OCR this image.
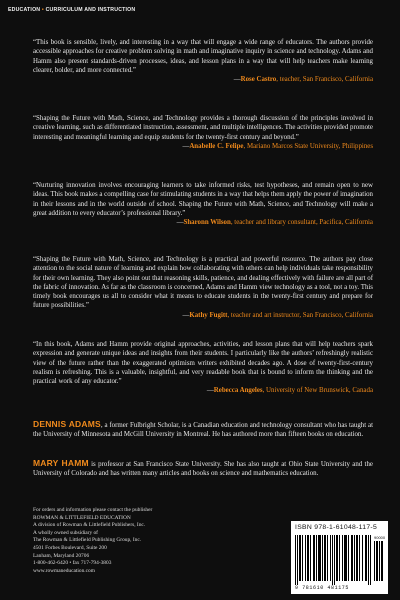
EDUCATION • CURRICULUM AND INSTRUCTION

“This book is sensible, lively, and interesting in a way that will engage a wide range of educators. The authors provide accessible approaches for creative problem solving in math and imaginative inquiry in science and technology. Adams and Hamm also present standards-driven processes, ideas, and lesson plans in a way that will help teachers make learning clearer, bolder, and more connected.”

—Rose Castro, teacher, San Francisco, California

“Shaping the Future with Math, Science, and Technology provides a thorough discussion of the principles involved in creative learning, such as differentiated instruction, assessment, and multiple intelligences. The activities provided promote interesting and meaningful learning and equip students for the twenty-first century and beyond.”

—Anabelle C. Felipe, Mariano Marcos State University, Philippines

“Nurturing innovation involves encouraging learners to take informed risks, test hypotheses, and remain open to new ideas. This book makes a compelling case for stimulating students in a way that helps them apply the power of imagination in their lessons and in the world outside of school. Shaping the Future with Math, Science, and Technology will make a great addition to every educator’s professional library.”

—Sharonn Wilson, teacher and library consultant, Pacifica, California

“Shaping the Future with Math, Science, and Technology is a practical and powerful resource. The authors pay close attention to the social nature of learning and explain how collaborating with others can help individuals take responsibility for their own learning. They also point out that reasoning skills, patience, and dealing effectively with failure are all part of the fabric of innovation. As far as the classroom is concerned, Adams and Hamm view technology as a tool, not a toy. This timely book encourages us all to consider what it means to educate students in the twenty-first century and prepare for future possibilities.”

—Kathy Fugitt, teacher and art instructor, San Francisco, California

“In this book, Adams and Hamm provide original approaches, activities, and lesson plans that will help teachers spark expression and generate unique ideas and insights from their students. I particularly like the authors’ refreshingly realistic view of the future rather than the exaggerated optimism writers exhibited decades ago. A dose of twenty-first-century realism is refreshing. This is a valuable, insightful, and very readable book that is bound to inform the thinking and the practical work of any educator.”

—Rebecca Angeles, University of New Brunswick, Canada
DENNIS ADAMS, a former Fulbright Scholar, is a Canadian education and technology consultant who has taught at the University of Minnesota and McGill University in Montreal. He has authored more than fifteen books on education.
MARY HAMM is professor at San Francisco State University. She has also taught at Ohio State University and the University of Colorado and has written many articles and books on science and mathematics education.
For orders and information please contact the publisher
ROWMAN & LITTLEFIELD EDUCATION
A division of Rowman & Littlefield Publishers, Inc.
A wholly owned subsidiary of
The Rowman & Littlefield Publishing Group, Inc.
4501 Forbes Boulevard, Suite 200
Lanham, Maryland 20706
1-800-462-6420 • fax 717-794-3803
www.rowmaneducation.com
ISBN 978-1-61048-117-5
90000
9 781610 481175
